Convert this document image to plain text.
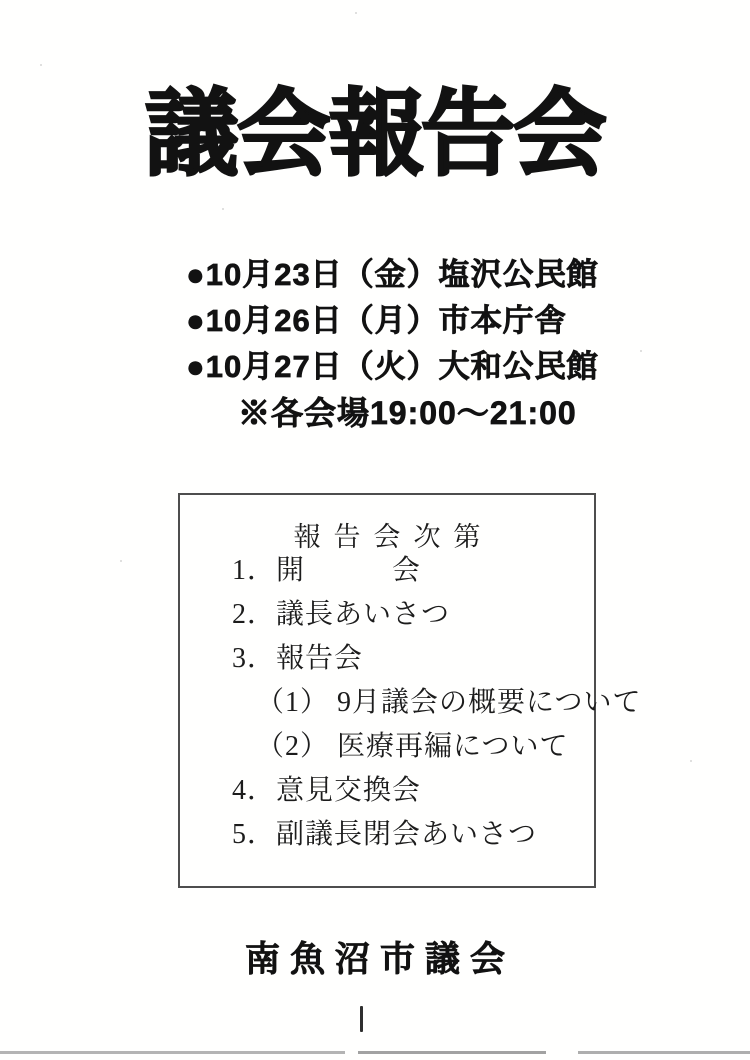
議会報告会
●10月23日（金）塩沢公民館
●10月26日（月）市本庁舎
●10月27日（火）大和公民館
※各会場19:00～21:00
報告会次第
1．開　　　会
2．議長あいさつ
3．報告会
（1） 9月議会の概要について
（2） 医療再編について
4．意見交換会
5．副議長閉会あいさつ
南魚沼市議会
